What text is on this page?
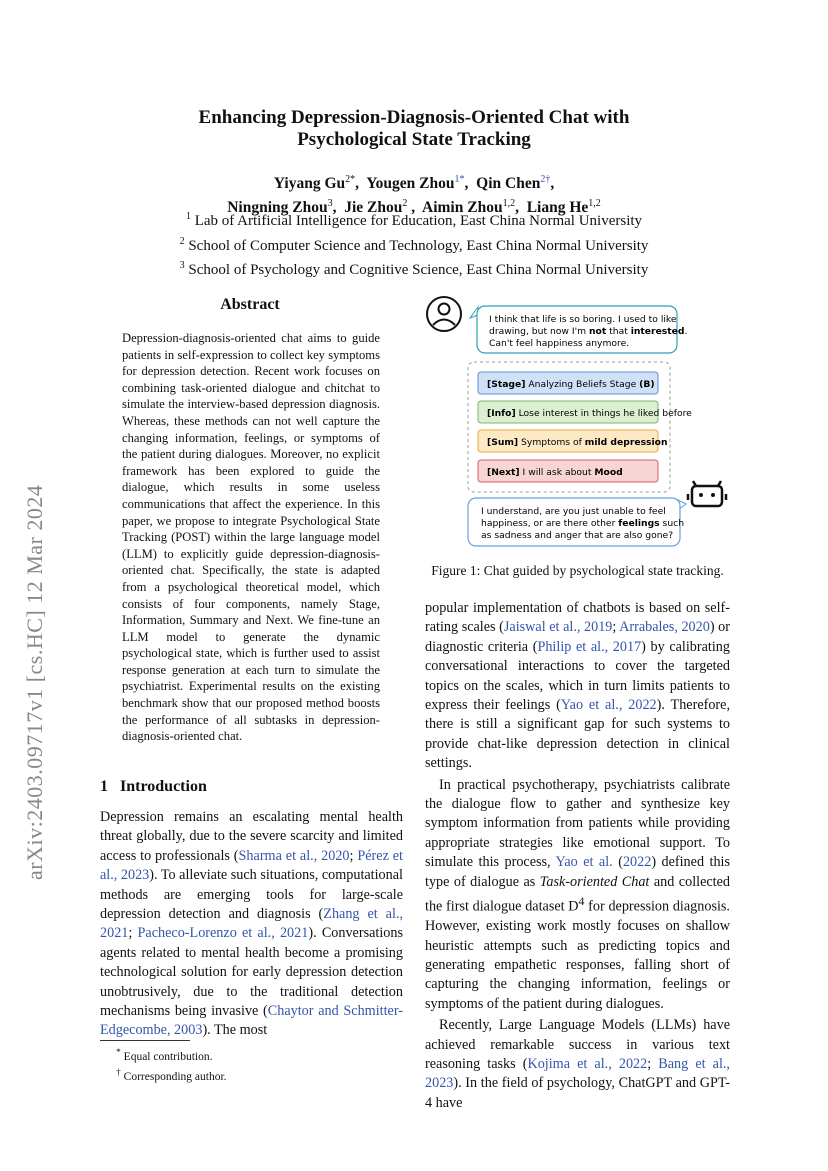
arXiv:2403.09717v1 [cs.HC] 12 Mar 2024
Enhancing Depression-Diagnosis-Oriented Chat with
Psychological State Tracking
Yiyang $Gu^{2*}$,  Yougen Zhou$^{1*}$,  Qin Chen$^{2\dagger}$,
Ningning Zhou$^3$,  Jie Zhou$^2$ ,  Aimin Zhou$^{1,2}$,  Liang He$^{1,2}$
$^1$ Lab of Artificial Intelligence for Education, East China Normal University
$^2$ School of Computer Science and Technology, East China Normal University
$^3$ School of Psychology and Cognitive Science, East China Normal University
Abstract
Depression-diagnosis-oriented chat aims to guide patients in self-expression to collect key symptoms for depression detection. Recent work focuses on combining task-oriented dialogue and chitchat to simulate the interview-based depression diagnosis. Whereas, these methods can not well capture the changing information, feelings, or symptoms of the patient during dialogues. Moreover, no explicit framework has been explored to guide the dialogue, which results in some useless communications that affect the experience. In this paper, we propose to integrate Psychological State Tracking (POST) within the large language model (LLM) to explicitly guide depression-diagnosis-oriented chat. Specifically, the state is adapted from a psychological theoretical model, which consists of four components, namely Stage, Information, Summary and Next. We fine-tune an LLM model to generate the dynamic psychological state, which is further used to assist response generation at each turn to simulate the psychiatrist. Experimental results on the existing benchmark show that our proposed method boosts the performance of all subtasks in depression-diagnosis-oriented chat.
1   Introduction

Depression remains an escalating mental health threat globally, due to the severe scarcity and limited access to professionals (Sharma et al., 2020; Pérez et al., 2023). To alleviate such situations, computational methods are emerging tools for large-scale depression detection and diagnosis (Zhang et al., 2021; Pacheco-Lorenzo et al., 2021). Conversations agents related to mental health become a promising technological solution for early depression detection unobtrusively, due to the traditional detection mechanisms being invasive (Chaytor and Schmitter-Edgecombe, 2003). The most

* Equal contribution.
† Corresponding author.
I think that life is so boring. I used to like
drawing, but now I'm not that interested.
Can't feel happiness anymore.
[Stage] Analyzing Beliefs Stage (B)
[Info] Lose interest in things he liked before
[Sum] Symptoms of mild depression
[Next] I will ask about Mood
I understand, are you just unable to feel
happiness, or are there other feelings such
as sadness and anger that are also gone?
Figure 1: Chat guided by psychological state tracking.

popular implementation of chatbots is based on self-rating scales (Jaiswal et al., 2019; Arrabales, 2020) or diagnostic criteria (Philip et al., 2017) by calibrating conversational interactions to cover the targeted topics on the scales, which in turn limits patients to express their feelings (Yao et al., 2022). Therefore, there is still a significant gap for such systems to provide chat-like depression detection in clinical settings.

In practical psychotherapy, psychiatrists calibrate the dialogue flow to gather and synthesize key symptom information from patients while providing appropriate strategies like emotional support. To simulate this process, Yao et al. (2022) defined this type of dialogue as Task-oriented Chat and collected the first dialogue dataset $D^4$ for depression diagnosis. However, existing work mostly focuses on shallow heuristic attempts such as predicting topics and generating empathetic responses, falling short of capturing the changing information, feelings or symptoms of the patient during dialogues.

Recently, Large Language Models (LLMs) have achieved remarkable success in various text reasoning tasks (Kojima et al., 2022; Bang et al., 2023). In the field of psychology, ChatGPT and GPT-4 have
